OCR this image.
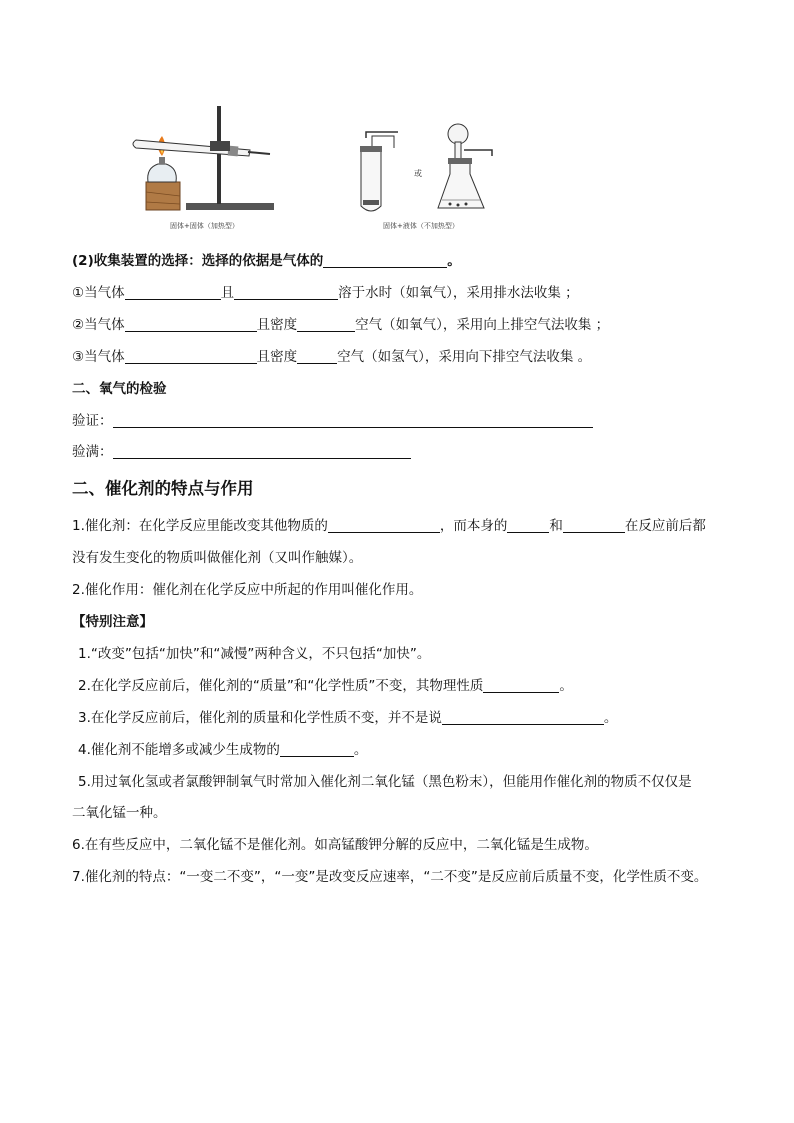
或
固体+固体（加热型）	固体+液体（不加热型）
(2)收集装置的选择：选择的依据是气体的	。
①当气体	且	溶于水时（如氧气），采用排水法收集 ；
②当气体	且密度	空气（如氧气），采用向上排空气法收集 ；
③当气体	且密度	空气（如氢气），采用向下排空气法收集 。
二、氧气的检验
验证：
验满：
二、催化剂的特点与作用
1.催化剂：在化学反应里能改变其他物质的	，而本身的	和	在反应前后都
没有发生变化的物质叫做催化剂（又叫作触媒）。
2.催化作用：催化剂在化学反应中所起的作用叫催化作用。
【特别注意】
1.“改变”包括“加快”和“减慢”两种含义，不只包括“加快”。
2.在化学反应前后，催化剂的“质量”和“化学性质”不变，其物理性质	。
3.在化学反应前后，催化剂的质量和化学性质不变，并不是说	。
4.催化剂不能增多或减少生成物的	。
5.用过氧化氢或者氯酸钾制氧气时常加入催化剂二氧化锰（黑色粉末），但能用作催化剂的物质不仅仅是
二氧化锰一种。
6.在有些反应中，二氧化锰不是催化剂。如高锰酸钾分解的反应中，二氧化锰是生成物。
7.催化剂的特点：“一变二不变”，“一变”是改变反应速率，“二不变”是反应前后质量不变，化学性质不变。
